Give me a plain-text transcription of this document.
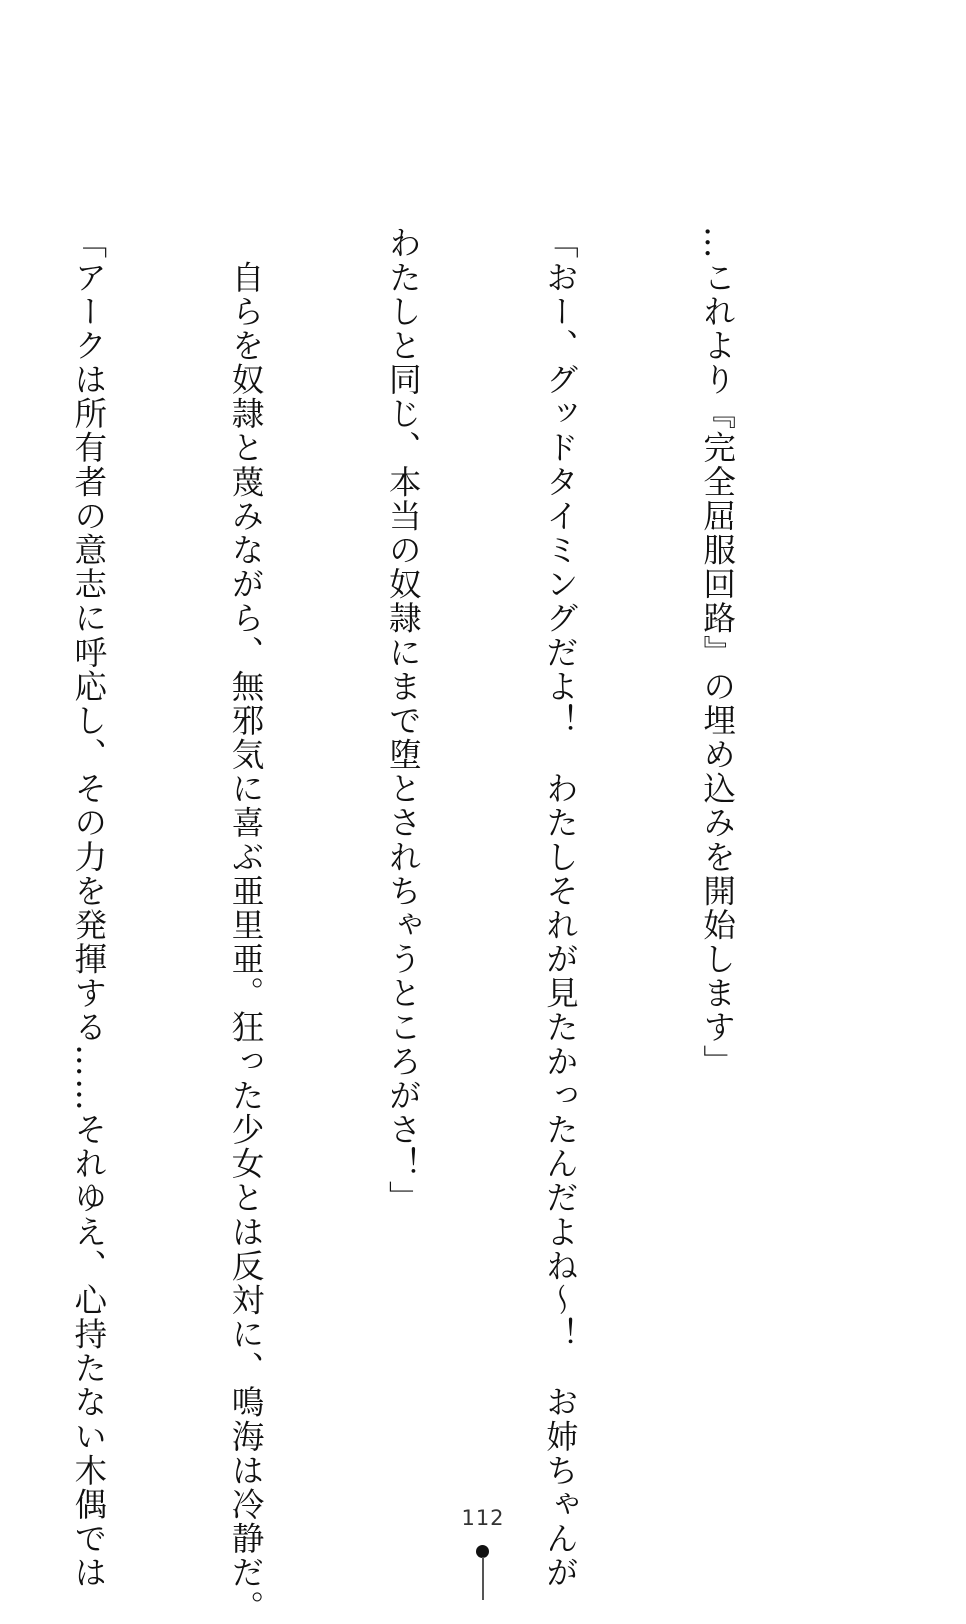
…これより『完全屈服回路』の埋め込みを開始します」

「おー、グッドタイミングだよ！　わたしそれが見たかったんだよね～！　お姉ちゃんが

わたしと同じ、本当の奴隷にまで堕とされちゃうところがさ！」

　自らを奴隷と蔑みながら、無邪気に喜ぶ亜里亜。狂った少女とは反対に、鳴海は冷静だ。

「アークは所有者の意志に呼応し、その力を発揮する……それゆえ、心持たない木偶では

	112
